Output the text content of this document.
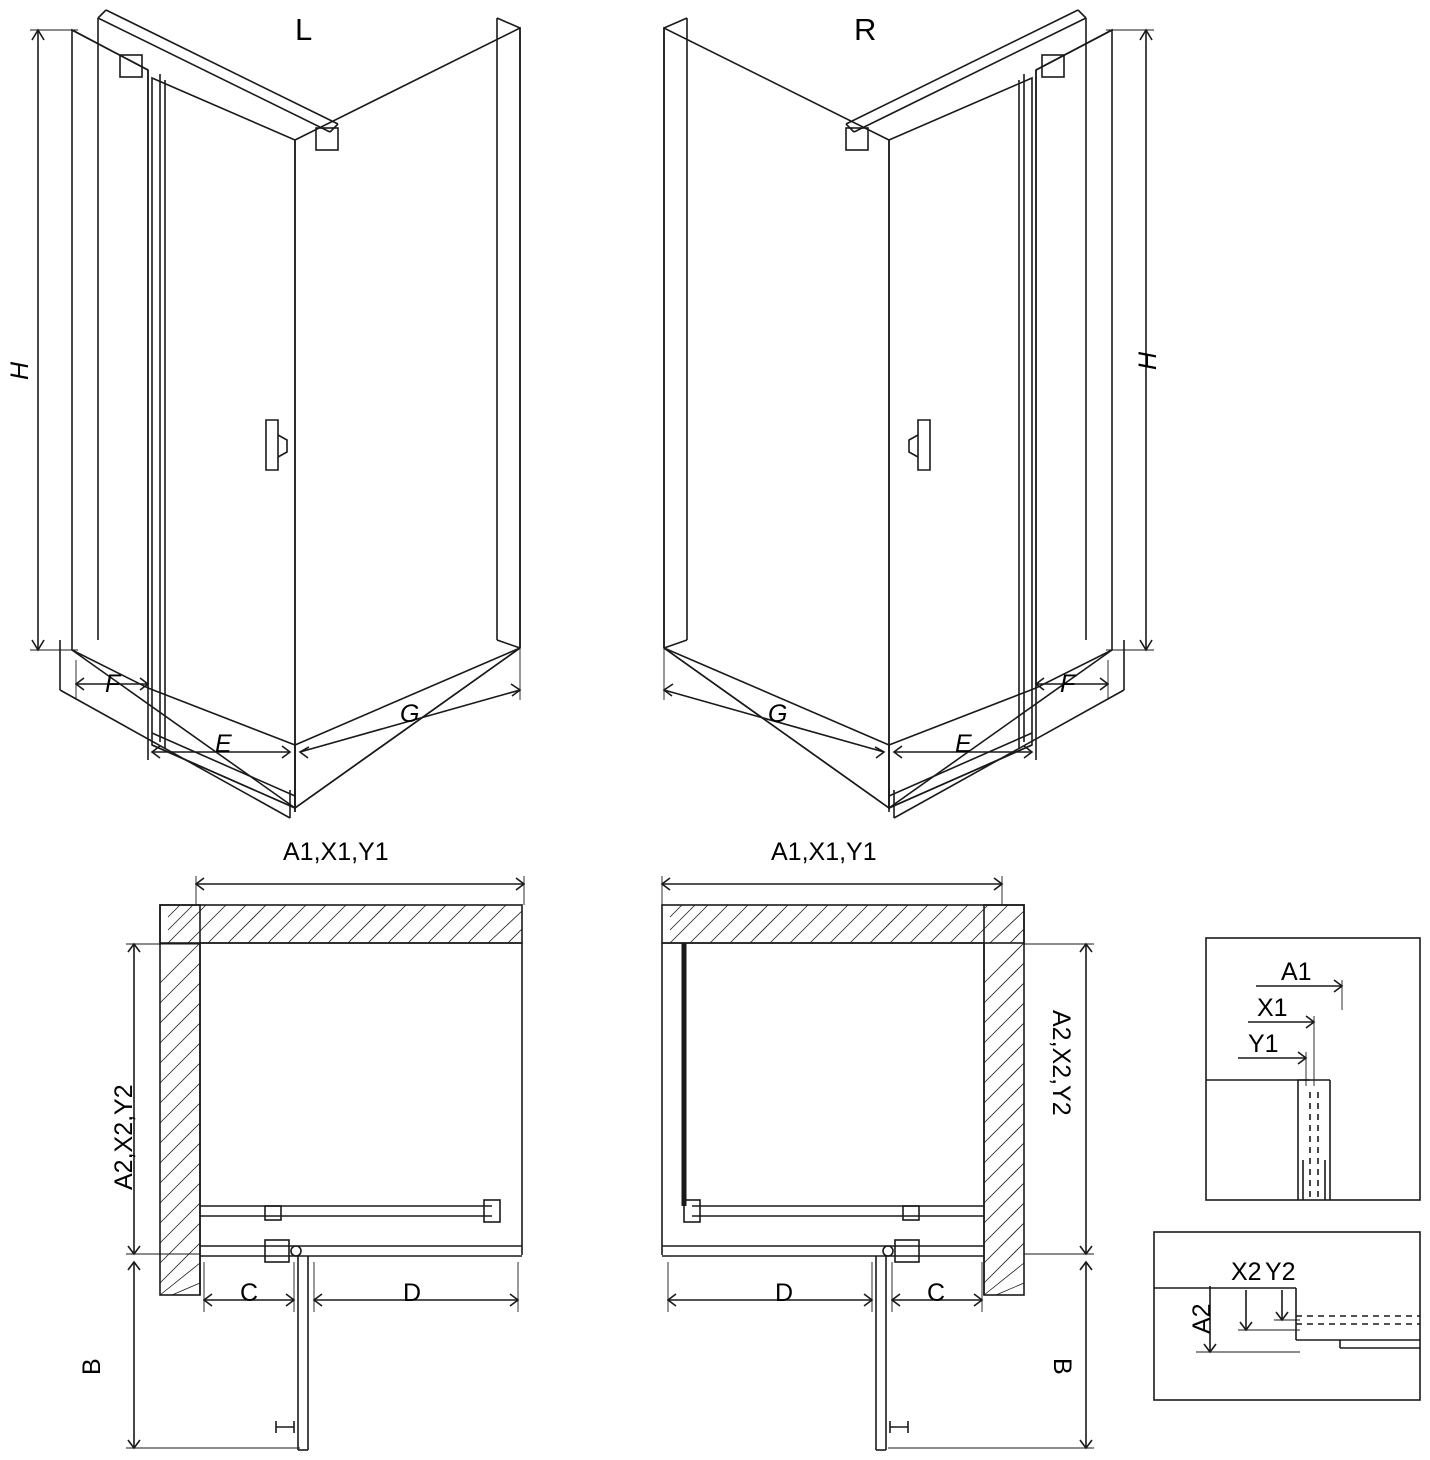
L	R
H
F
E
G
H
F
E
G
A1,X1,Y1
A2,X2,Y2
C	D
B
A1,X1,Y1
A2,X2,Y2
D	C
B
A1
X1
Y1
A2
X2 Y2
